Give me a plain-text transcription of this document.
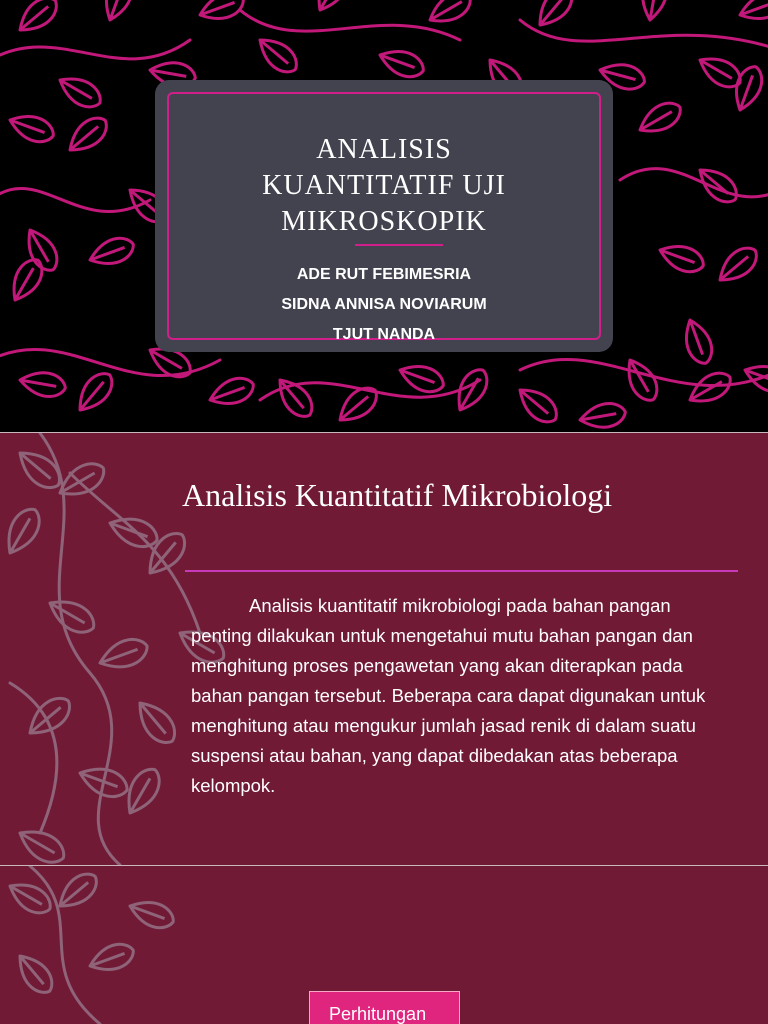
ANALISIS
KUANTITATIF UJI
MIKROSKOPIK
ADE RUT FEBIMESRIA
SIDNA ANNISA NOVIARUM
TJUT NANDA
Analisis Kuantitatif Mikrobiologi
Analisis kuantitatif mikrobiologi pada bahan pangan penting dilakukan untuk mengetahui mutu bahan pangan dan menghitung proses pengawetan yang akan diterapkan pada bahan pangan tersebut. Beberapa cara dapat digunakan untuk menghitung atau mengukur jumlah jasad renik di dalam suatu suspensi atau bahan, yang dapat dibedakan atas beberapa kelompok.
Perhitungan
